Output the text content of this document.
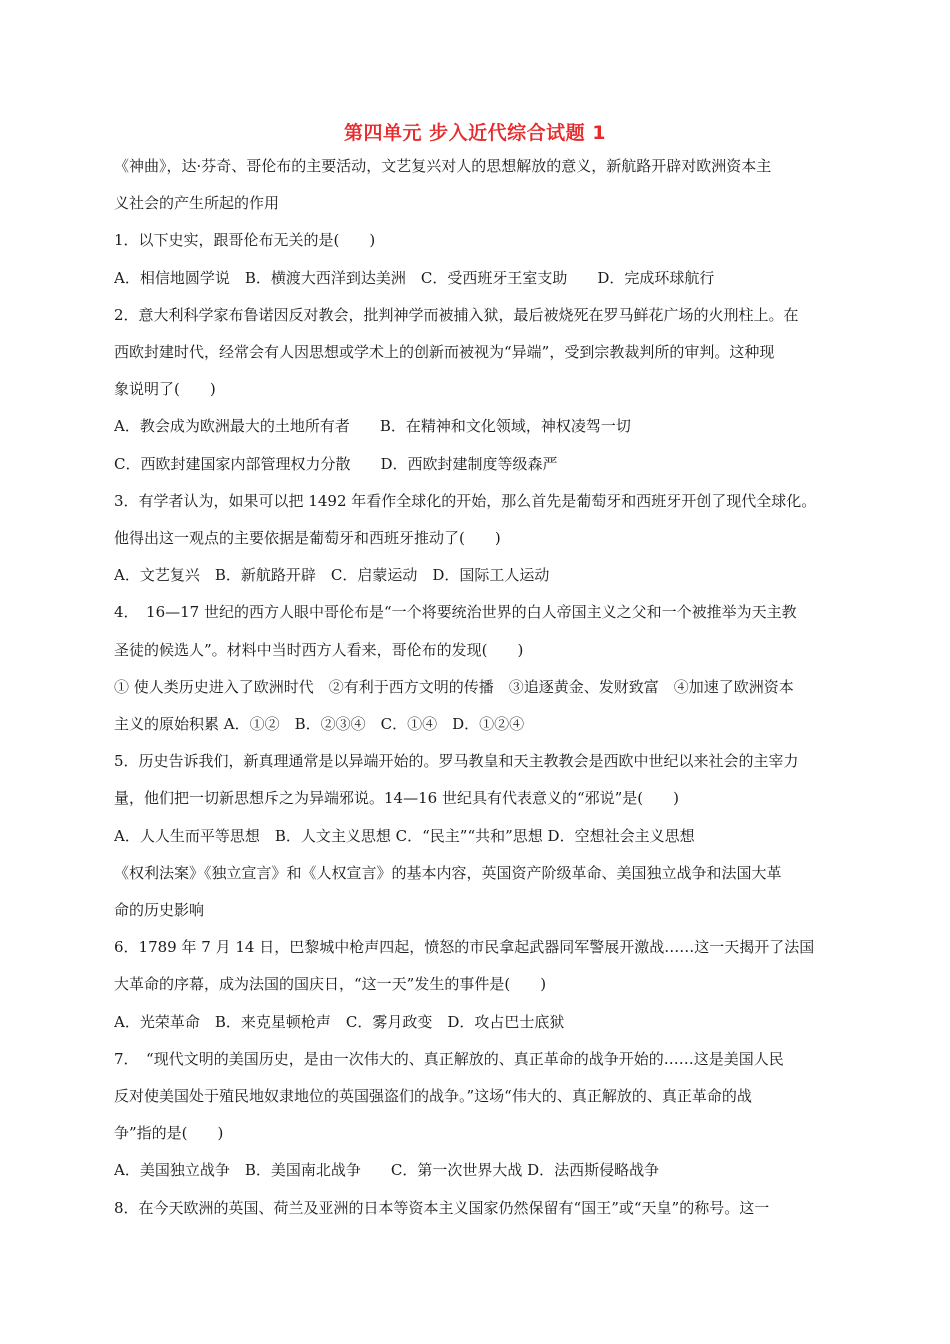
第四单元 步入近代综合试题 1
《神曲》，达·芬奇、哥伦布的主要活动，文艺复兴对人的思想解放的意义，新航路开辟对欧洲资本主
义社会的产生所起的作用
1．以下史实，跟哥伦布无关的是(　　)
A．相信地圆学说　B．横渡大西洋到达美洲　C．受西班牙王室支助　　D．完成环球航行
2．意大利科学家布鲁诺因反对教会，批判神学而被捕入狱，最后被烧死在罗马鲜花广场的火刑柱上。在
西欧封建时代，经常会有人因思想或学术上的创新而被视为“异端”，受到宗教裁判所的审判。这种现
象说明了(　　)
A．教会成为欧洲最大的土地所有者　　B．在精神和文化领域，神权凌驾一切
C．西欧封建国家内部管理权力分散　　D．西欧封建制度等级森严
3．有学者认为，如果可以把 1492 年看作全球化的开始，那么首先是葡萄牙和西班牙开创了现代全球化。
他得出这一观点的主要依据是葡萄牙和西班牙推动了(　　)
A．文艺复兴　B．新航路开辟　C．启蒙运动　D．国际工人运动
4．　16—17 世纪的西方人眼中哥伦布是“一个将要统治世界的白人帝国主义之父和一个被推举为天主教
圣徒的候选人”。材料中当时西方人看来，哥伦布的发现(　　)
① 使人类历史进入了欧洲时代　②有利于西方文明的传播　③追逐黄金、发财致富　④加速了欧洲资本
主义的原始积累 A．①②　B．②③④　C．①④　D．①②④
5．历史告诉我们，新真理通常是以异端开始的。罗马教皇和天主教教会是西欧中世纪以来社会的主宰力
量，他们把一切新思想斥之为异端邪说。14—16 世纪具有代表意义的“邪说”是(　　)
A．人人生而平等思想　B．人文主义思想 C．“民主”“共和”思想 D．空想社会主义思想
《权利法案》《独立宣言》和《人权宣言》的基本内容，英国资产阶级革命、美国独立战争和法国大革
命的历史影响
6．1789 年 7 月 14 日，巴黎城中枪声四起，愤怒的市民拿起武器同军警展开激战……这一天揭开了法国
大革命的序幕，成为法国的国庆日，“这一天”发生的事件是(　　)
A．光荣革命　B．来克星顿枪声　C．雾月政变　D．攻占巴士底狱
7．　“现代文明的美国历史，是由一次伟大的、真正解放的、真正革命的战争开始的……这是美国人民
反对使美国处于殖民地奴隶地位的英国强盗们的战争。”这场“伟大的、真正解放的、真正革命的战
争”指的是(　　)
A．美国独立战争　B．美国南北战争　　C．第一次世界大战 D．法西斯侵略战争
8．在今天欧洲的英国、荷兰及亚洲的日本等资本主义国家仍然保留有“国王”或“天皇”的称号。这一
